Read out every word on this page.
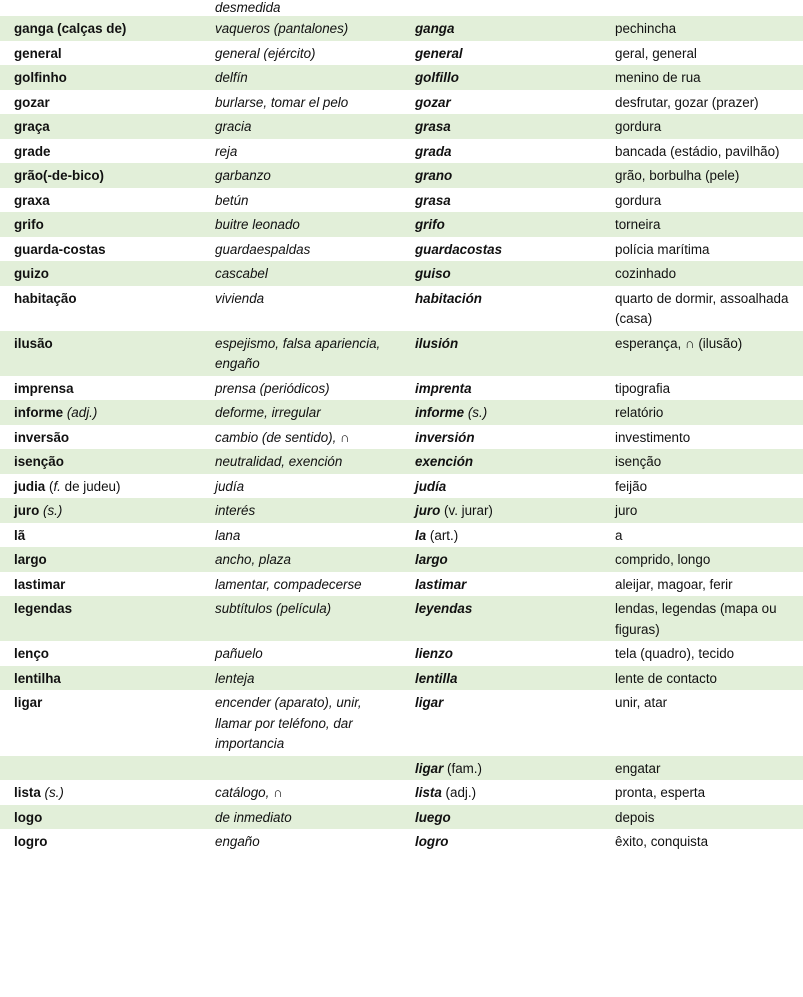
	desmedida		
ganga (calças de)	vaqueros (pantalones)	ganga	pechincha
general	general (ejército)	general	geral, general
golfinho	delfín	golfillo	menino de rua
gozar	burlarse, tomar el pelo	gozar	desfrutar, gozar (prazer)
graça	gracia	grasa	gordura
grade	reja	grada	bancada (estádio, pavilhão)
grão(-de-bico)	garbanzo	grano	grão, borbulha (pele)
graxa	betún	grasa	gordura
grifo	buitre leonado	grifo	torneira
guarda-costas	guardaespaldas	guardacostas	polícia marítima
guizo	cascabel	guiso	cozinhado
habitação	vivienda	habitación	quarto de dormir, assoalhada (casa)
ilusão	espejismo, falsa apariencia, engaño	ilusión	esperança, ∩ (ilusão)
imprensa	prensa (periódicos)	imprenta	tipografia
informe (adj.)	deforme, irregular	informe (s.)	relatório
inversão	cambio (de sentido), ∩	inversión	investimento
isenção	neutralidad, exención	exención	isenção
judia (f. de judeu)	judía	judía	feijão
juro (s.)	interés	juro (v. jurar)	juro
lã	lana	la (art.)	a
largo	ancho, plaza	largo	comprido, longo
lastimar	lamentar, compadecerse	lastimar	aleijar, magoar, ferir
legendas	subtítulos (película)	leyendas	lendas, legendas (mapa ou figuras)
lenço	pañuelo	lienzo	tela (quadro), tecido
lentilha	lenteja	lentilla	lente de contacto
ligar	encender (aparato), unir, llamar por teléfono, dar importancia	ligar	unir, atar
		ligar (fam.)	engatar
lista (s.)	catálogo, ∩	lista (adj.)	pronta, esperta
logo	de inmediato	luego	depois
logro	engaño	logro	êxito, conquista
